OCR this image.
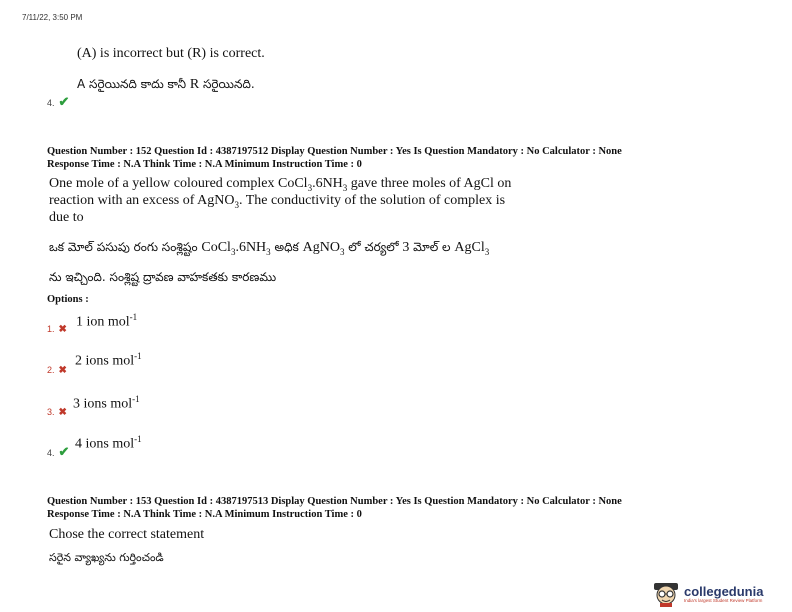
7/11/22, 3:50 PM
(A) is incorrect but (R) is correct.
A సరైయినది కాదు కానీ R సరైయినది.
4. ✔
Question Number : 152 Question Id : 4387197512 Display Question Number : Yes Is Question Mandatory : No Calculator : None
Response Time : N.A Think Time : N.A Minimum Instruction Time : 0
One mole of a yellow coloured complex $CoCl_3.6NH_3$ gave three moles of AgCl on
reaction with an excess of AgNO$_3$. The conductivity of the solution of complex is
due to
ఒక మోల్ పసుపు రంగు సంశ్లిష్టం $CoCl_3.6NH_3$ అధిక AgNO$_3$ లో చర్యలో 3 మోల్ ల AgCl$_3$
ను ఇచ్చింది. సంశ్లిష్ట ద్రావణ వాహకతకు కారణము
Options :
1. ✖ 1 ion mol$^{-1}$
2. ✖
2 ions mol$^{-1}$
3. ✖
3 ions mol$^{-1}$
4. ✔ 4 ions mol$^{-1}$
Question Number : 153 Question Id : 4387197513 Display Question Number : Yes Is Question Mandatory : No Calculator : None
Response Time : N.A Think Time : N.A Minimum Instruction Time : 0
Chose the correct statement
సరైన వ్యాఖ్యను గుర్తించండి
collegedunia
India's largest Student Review Platform
